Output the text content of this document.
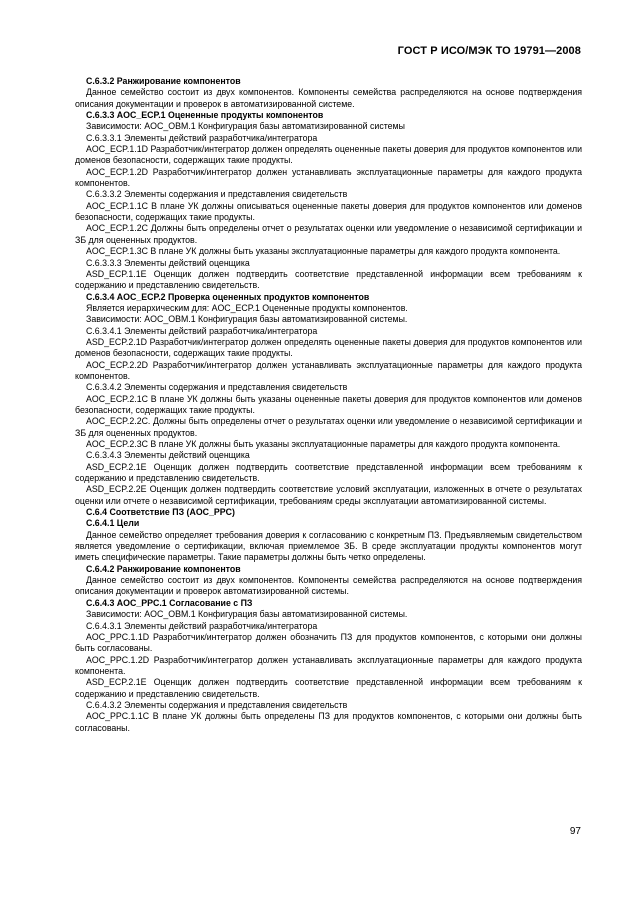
ГОСТ Р ИСО/МЭК ТО 19791—2008

С.6.3.2 Ранжирование компонентов

Данное семейство состоит из двух компонентов. Компоненты семейства распределяются на основе подтверждения описания документации и проверок в автоматизированной системе.

С.6.3.3 AOC_ECP.1 Оцененные продукты компонентов

Зависимости: AOC_OBM.1 Конфигурация базы автоматизированной системы

С.6.3.3.1 Элементы действий разработчика/интегратора

AOC_ECP.1.1D Разработчик/интегратор должен определять оцененные пакеты доверия для продуктов компонентов или доменов безопасности, содержащих такие продукты.

AOC_ECP.1.2D Разработчик/интегратор должен устанавливать эксплуатационные параметры для каждого продукта компонентов.

С.6.3.3.2 Элементы содержания и представления свидетельств

AOC_ECP.1.1C В плане УК должны описываться оцененные пакеты доверия для продуктов компонентов или доменов безопасности, содержащих такие продукты.

AOC_ECP.1.2C Должны быть определены отчет о результатах оценки или уведомление о независимой сертификации и ЗБ для оцененных продуктов.

AOC_ECP.1.3C В плане УК должны быть указаны эксплуатационные параметры для каждого продукта компонента.

С.6.3.3.3 Элементы действий оценщика

ASD_ECP.1.1E Оценщик должен подтвердить соответствие представленной информации всем требованиям к содержанию и представлению свидетельств.

С.6.3.4 AOC_ECP.2 Проверка оцененных продуктов компонентов

Является иерархическим для: AOC_ECP.1 Оцененные продукты компонентов.

Зависимости: AOC_OBM.1 Конфигурация базы автоматизированной системы.

С.6.3.4.1 Элементы действий разработчика/интегратора

ASD_ECP.2.1D Разработчик/интегратор должен определять оцененные пакеты доверия для продуктов компонентов или доменов безопасности, содержащих такие продукты.

AOC_ECP.2.2D Разработчик/интегратор должен устанавливать эксплуатационные параметры для каждого продукта компонентов.

С.6.3.4.2 Элементы содержания и представления свидетельств

AOC_ECP.2.1C В плане УК должны быть указаны оцененные пакеты доверия для продуктов компонентов или доменов безопасности, содержащих такие продукты.

AOC_ECP.2.2C. Должны быть определены отчет о результатах оценки или уведомление о независимой сертификации и ЗБ для оцененных продуктов.

AOC_ECP.2.3C В плане УК должны быть указаны эксплуатационные параметры для каждого продукта компонента.

С.6.3.4.3 Элементы действий оценщика

ASD_ECP.2.1E Оценщик должен подтвердить соответствие представленной информации всем требованиям к содержанию и представлению свидетельств.

ASD_ECP.2.2E Оценщик должен подтвердить соответствие условий эксплуатации, изложенных в отчете о результатах оценки или отчете о независимой сертификации, требованиям среды эксплуатации автоматизированной системы.

С.6.4 Соответствие ПЗ (AOC_PPC)

С.6.4.1 Цели

Данное семейство определяет требования доверия к согласованию с конкретным ПЗ. Предъявляемым свидетельством является уведомление о сертификации, включая приемлемое ЗБ. В среде эксплуатации продукты компонентов могут иметь специфические параметры. Такие параметры должны быть четко определены.

С.6.4.2 Ранжирование компонентов

Данное семейство состоит из двух компонентов. Компоненты семейства распределяются на основе подтверждения описания документации и проверок автоматизированной системы.

С.6.4.3 AOC_PPC.1 Согласование с ПЗ

Зависимости: AOC_OBM.1 Конфигурация базы автоматизированной системы.

С.6.4.3.1 Элементы действий разработчика/интегратора

AOC_PPC.1.1D Разработчик/интегратор должен обозначить ПЗ для продуктов компонентов, с которыми они должны быть согласованы.

AOC_PPC.1.2D Разработчик/интегратор должен устанавливать эксплуатационные параметры для каждого продукта компонента.

ASD_ECP.2.1E Оценщик должен подтвердить соответствие представленной информации всем требованиям к содержанию и представлению свидетельств.

С.6.4.3.2 Элементы содержания и представления свидетельств

AOC_PPC.1.1C В плане УК должны быть определены ПЗ для продуктов компонентов, с которыми они должны быть согласованы.

97
